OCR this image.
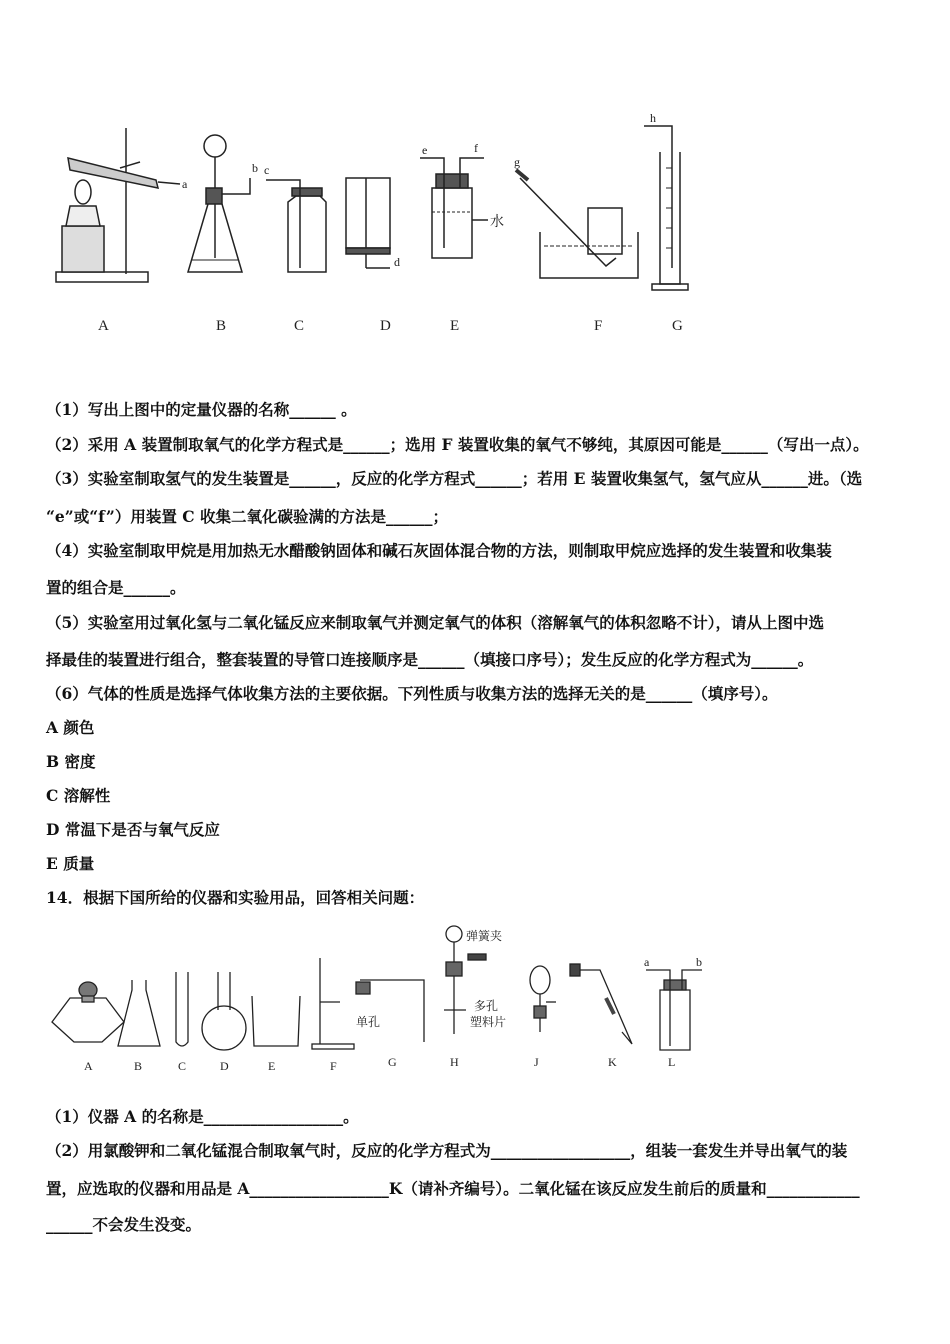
a
b c
d
e	f
g
h
水
A	B	C	D	E	F	G
（1）写出上图中的定量仪器的名称______ 。
（2）采用 A 装置制取氧气的化学方程式是______；选用 F 装置收集的氧气不够纯，其原因可能是______（写出一点）。
（3）实验室制取氢气的发生装置是______，反应的化学方程式______；若用 E 装置收集氢气，氢气应从______进。（选
“e”或“f”）用装置 C 收集二氧化碳验满的方法是______；
（4）实验室制取甲烷是用加热无水醋酸钠固体和碱石灰固体混合物的方法，则制取甲烷应选择的发生装置和收集装
置的组合是______。
（5）实验室用过氧化氢与二氧化锰反应来制取氧气并测定氧气的体积（溶解氧气的体积忽略不计），请从上图中选
择最佳的装置进行组合，整套装置的导管口连接顺序是______（填接口序号）；发生反应的化学方程式为______。
（6）气体的性质是选择气体收集方法的主要依据。下列性质与收集方法的选择无关的是______（填序号）。
A 颜色
B 密度
C 溶解性
D 常温下是否与氧气反应
E 质量
14．根据下国所给的仪器和实验用品，回答相关问题：
单孔
弹簧夹
多孔
塑料片
a	b
A	B	C	D	E	F	G	H	J	K	L
（1）仪器 A 的名称是__________________。
（2）用氯酸钾和二氧化锰混合制取氧气时，反应的化学方程式为__________________，组装一套发生并导出氧气的装
置，应选取的仪器和用品是 A__________________K（请补齐编号）。二氧化锰在该反应发生前后的质量和____________
______不会发生没变。
